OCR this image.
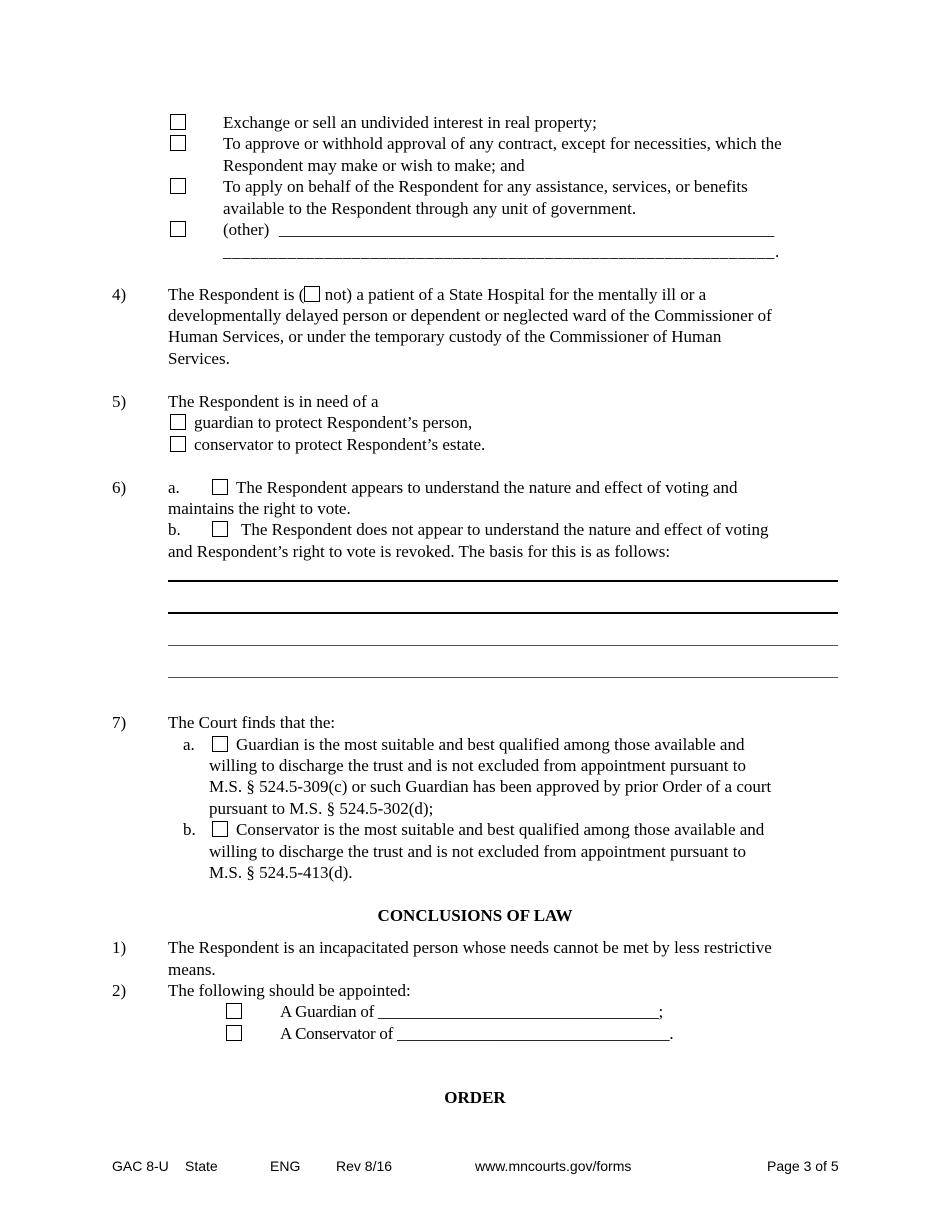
Exchange or sell an undivided interest in real property;
To approve or withhold approval of any contract, except for necessities, which the
Respondent may make or wish to make; and
To apply on behalf of the Respondent for any assistance, services, or benefits
available to the Respondent through any unit of government.
(other) ____________________________________________________________
____________________________________________________________.
4) The Respondent is ( not) a patient of a State Hospital for the mentally ill or a
developmentally delayed person or dependent or neglected ward of the Commissioner of
Human Services, or under the temporary custody of the Commissioner of Human
Services.
5) The Respondent is in need of a
guardian to protect Respondent’s person,
conservator to protect Respondent’s estate.
6) a.	The Respondent appears to understand the nature and effect of voting and
maintains the right to vote.
b.	The Respondent does not appear to understand the nature and effect of voting
and Respondent’s right to vote is revoked. The basis for this is as follows:
7) The Court finds that the:
a. Guardian is the most suitable and best qualified among those available and
willing to discharge the trust and is not excluded from appointment pursuant to
M.S. § 524.5-309(c) or such Guardian has been approved by prior Order of a court
pursuant to M.S. § 524.5-302(d);
b. Conservator is the most suitable and best qualified among those available and
willing to discharge the trust and is not excluded from appointment pursuant to
M.S. § 524.5-413(d).
CONCLUSIONS OF LAW
1) The Respondent is an incapacitated person whose needs cannot be met by less restrictive
means.
2) The following should be appointed:
A Guardian of __________________________________;
A Conservator of _________________________________.
ORDER
GAC 8-U State	ENG	Rev 8/16	www.mncourts.gov/forms	Page 3 of 5
